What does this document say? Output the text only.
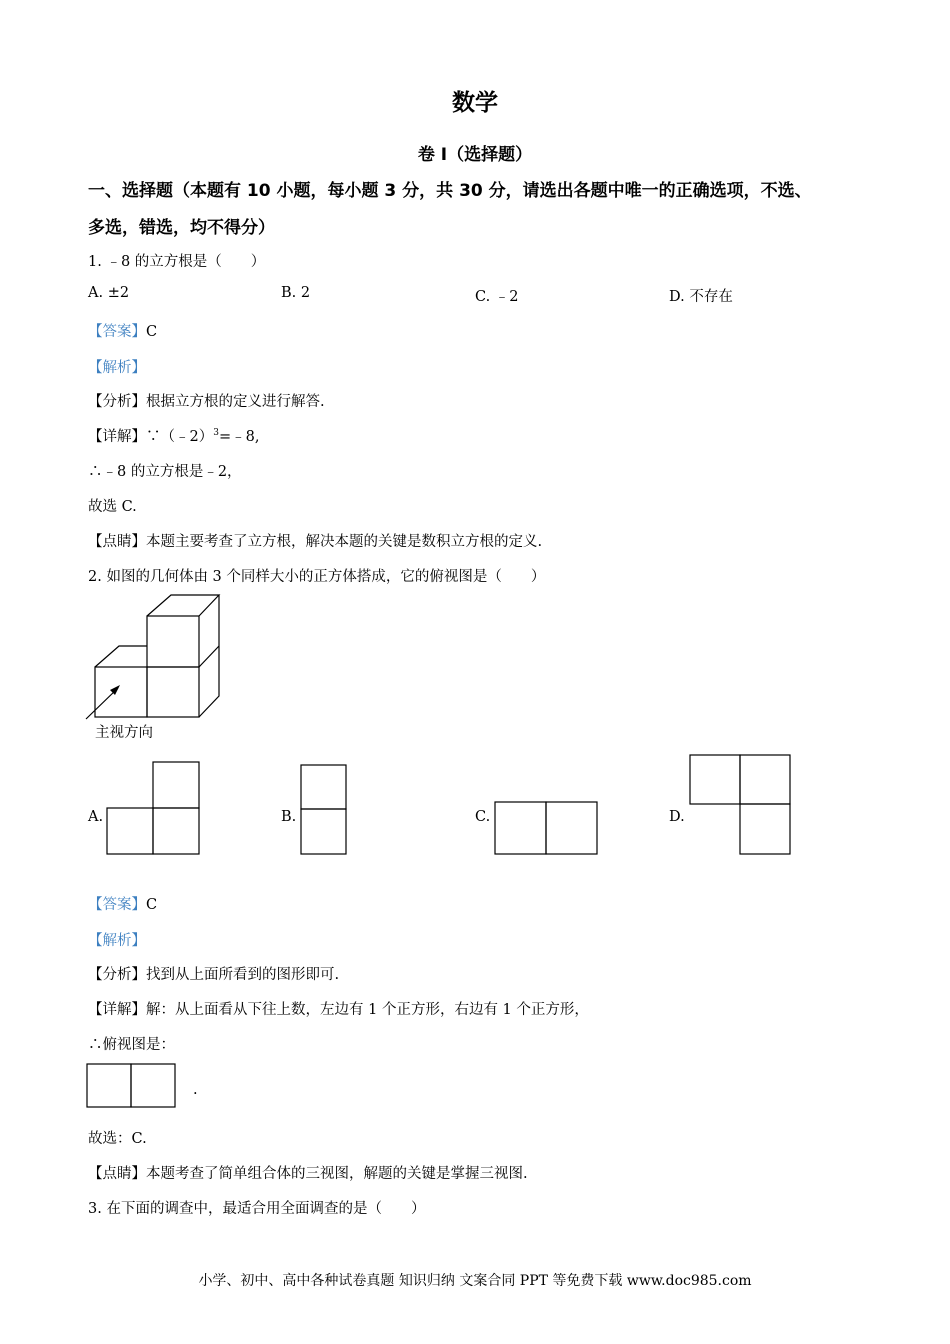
数学
卷 I（选择题）
一、选择题（本题有 10 小题，每小题 3 分，共 30 分，请选出各题中唯一的正确选项，不选、
多选，错选，均不得分）
1. ﹣8 的立方根是（　　）
A. ±2	B. 2	C. ﹣2	D. 不存在
【答案】C
【解析】
【分析】根据立方根的定义进行解答.
【详解】∵（﹣2）$^3$=﹣8,
∴﹣8 的立方根是﹣2，
故选 C.
【点睛】本题主要考查了立方根，解决本题的关键是数积立方根的定义.
2. 如图的几何体由 3 个同样大小的正方体搭成，它的俯视图是（　　）
主视方向
A.	B.	C.	D.
【答案】C
【解析】
【分析】找到从上面所看到的图形即可.
【详解】解：从上面看从下往上数，左边有 1 个正方形，右边有 1 个正方形，
∴俯视图是：
.
故选：C.
【点睛】本题考查了简单组合体的三视图，解题的关键是掌握三视图.
3. 在下面的调查中，最适合用全面调查的是（　　）
小学、初中、高中各种试卷真题 知识归纳 文案合同 PPT 等免费下载 www.doc985.com
